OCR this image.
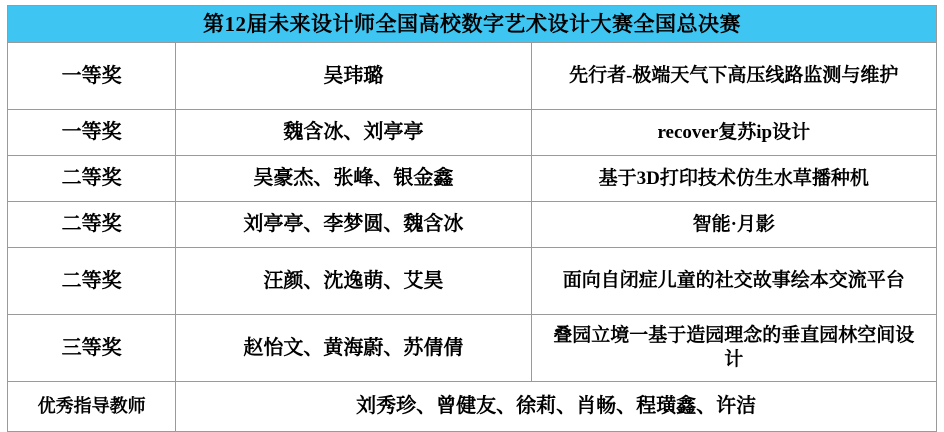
第12届未来设计师全国高校数字艺术设计大赛全国总决赛		
一等奖	吴玮璐	先行者-极端天气下高压线路监测与维护

一等奖	魏含冰、刘亭亭	recover复苏ip设计
二等奖	吴豪杰、张峰、银金鑫	基于3D打印技术仿生水草播种机
二等奖	刘亭亭、李梦圆、魏含冰	智能·月影
二等奖	汪颜、沈逸萌、艾昊	面向自闭症儿童的社交故事绘本交流平台

三等奖	赵怡文、黄海蔚、苏倩倩	叠园立境一基于造园理念的垂直园林空间设计

优秀指导教师	刘秀珍、曾健友、徐莉、肖畅、程璜鑫、许洁	
